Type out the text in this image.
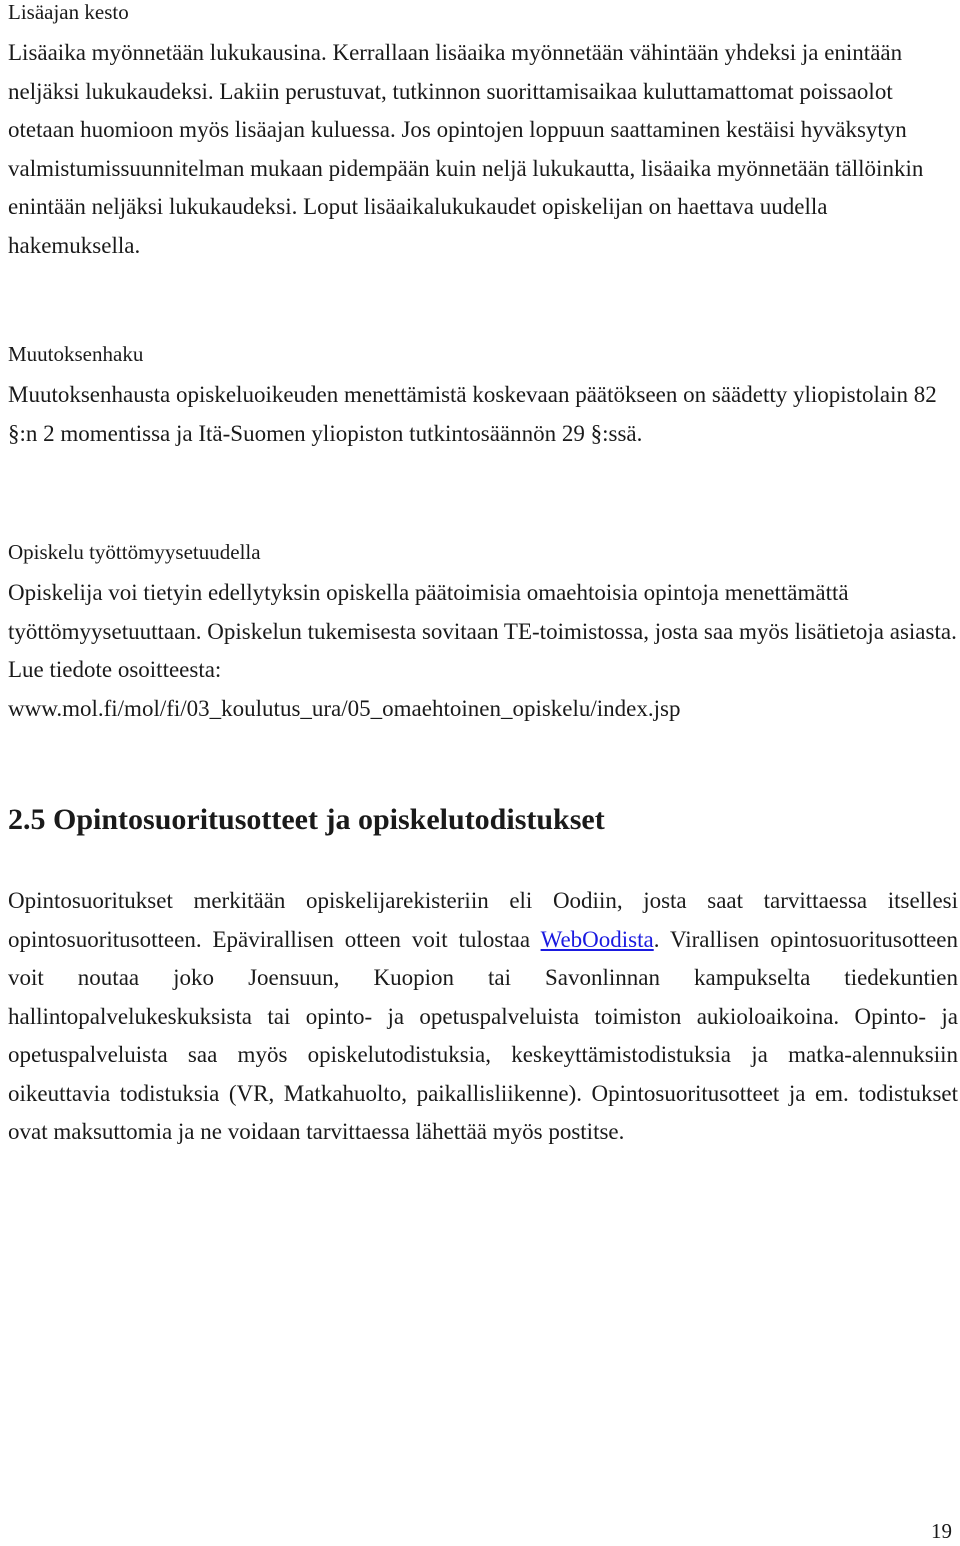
Lisäajan kesto

Lisäaika myönnetään lukukausina. Kerrallaan lisäaika myönnetään vähintään yhdeksi ja enintään neljäksi lukukaudeksi. Lakiin perustuvat, tutkinnon suorittamisaikaa kuluttamattomat poissaolot otetaan huomioon myös lisäajan kuluessa. Jos opintojen loppuun saattaminen kestäisi hyväksytyn valmistumissuunnitelman mukaan pidempään kuin neljä lukukautta, lisäaika myönnetään tällöinkin enintään neljäksi lukukaudeksi. Loput lisäaikalukukaudet opiskelijan on haettava uudella hakemuksella.

Muutoksenhaku

Muutoksenhausta opiskeluoikeuden menettämistä koskevaan päätökseen on säädetty yliopistolain 82 §:n 2 momentissa ja Itä-Suomen yliopiston tutkintosäännön 29 §:ssä.

Opiskelu työttömyysetuudella

Opiskelija voi tietyin edellytyksin opiskella päätoimisia omaehtoisia opintoja menettämättä työttömyysetuuttaan. Opiskelun tukemisesta sovitaan TE-toimistossa, josta saa myös lisätietoja asiasta. Lue tiedote osoitteesta:
www.mol.fi/mol/fi/03_koulutus_ura/05_omaehtoinen_opiskelu/index.jsp

2.5 Opintosuoritusotteet ja opiskelutodistukset

Opintosuoritukset merkitään opiskelijarekisteriin eli Oodiin, josta saat tarvittaessa itsellesi opintosuoritusotteen. Epävirallisen otteen voit tulostaa WebOodista. Virallisen opintosuoritusotteen voit noutaa joko Joensuun, Kuopion tai Savonlinnan kampukselta tiedekuntien hallintopalvelukeskuksista tai opinto- ja opetuspalveluista toimiston aukioloaikoina. Opinto- ja opetuspalveluista saa myös opiskelutodistuksia, keskeyttämistodistuksia ja matka-alennuksiin oikeuttavia todistuksia (VR, Matkahuolto, paikallisliikenne). Opintosuoritusotteet ja em. todistukset ovat maksuttomia ja ne voidaan tarvittaessa lähettää myös postitse.

19
